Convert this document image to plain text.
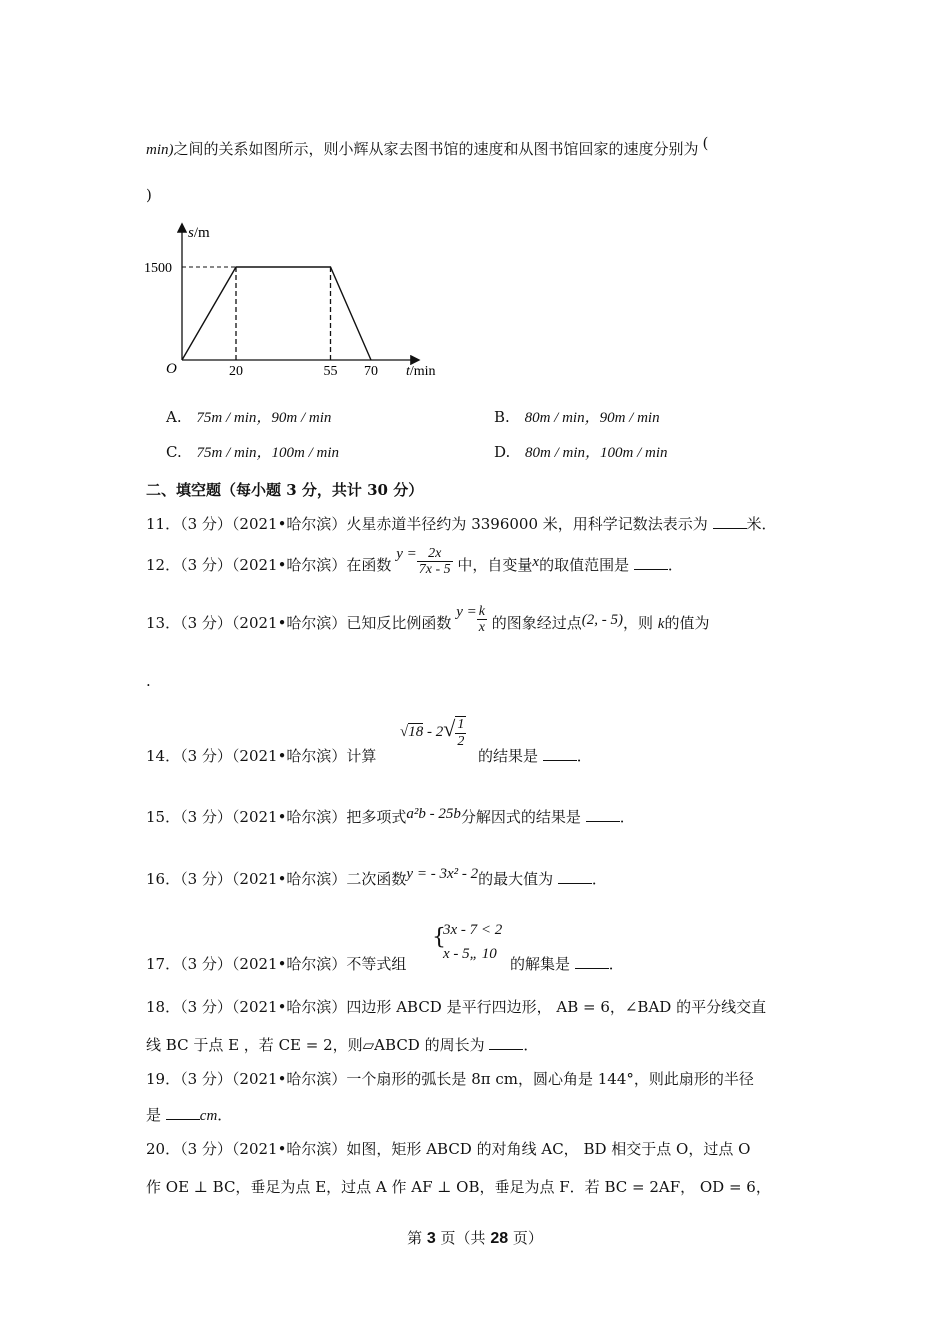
min)之间的关系如图所示，则小辉从家去图书馆的速度和从图书馆回家的速度分别为 (
)
s/m
t/min
O
1500
20	55 70
A. 75m / min，90m / min	B. 80m / min，90m / min
C. 75m / min，100m / min	D. 80m / min，100m / min
二、填空题（每小题 3 分，共计 30 分）
11．（3 分）（2021•哈尔滨）火星赤道半径约为 3396000 米，用科学记数法表示为	米．
12．（3 分）（2021•哈尔滨）在函数 $y = \frac{2x}{7x - 5}$ 中，自变量x的取值范围是	．
13．（3 分）（2021•哈尔滨）已知反比例函数 $y = \frac{k}{x}$ 的图象经过点(2, - 5)，则 k的值为
.
14．（3 分）（2021•哈尔滨）计算
$√18 - 2√ \frac{1}{2}$
的结果是	．
15．（3 分）（2021•哈尔滨）把多项式a²b - 25b分解因式的结果是	．
16．（3 分）（2021•哈尔滨）二次函数y = - 3x² - 2的最大值为	．
17．（3 分）（2021•哈尔滨）不等式组
{
3x - 7 < 2
x - 5„ 10
的解集是	．
18．（3 分）（2021•哈尔滨）四边形 ABCD 是平行四边形， AB = 6，∠BAD 的平分线交直
线 BC 于点 E ，若 CE = 2，则▱ABCD 的周长为	．
19．（3 分）（2021•哈尔滨）一个扇形的弧长是 8π cm，圆心角是 144°，则此扇形的半径
是	cm．
20．（3 分）（2021•哈尔滨）如图，矩形 ABCD 的对角线 AC， BD 相交于点 O，过点 O
作 OE ⊥ BC，垂足为点 E，过点 A 作 AF ⊥ OB，垂足为点 F．若 BC = 2AF， OD = 6，
第 3 页（共 28 页）
